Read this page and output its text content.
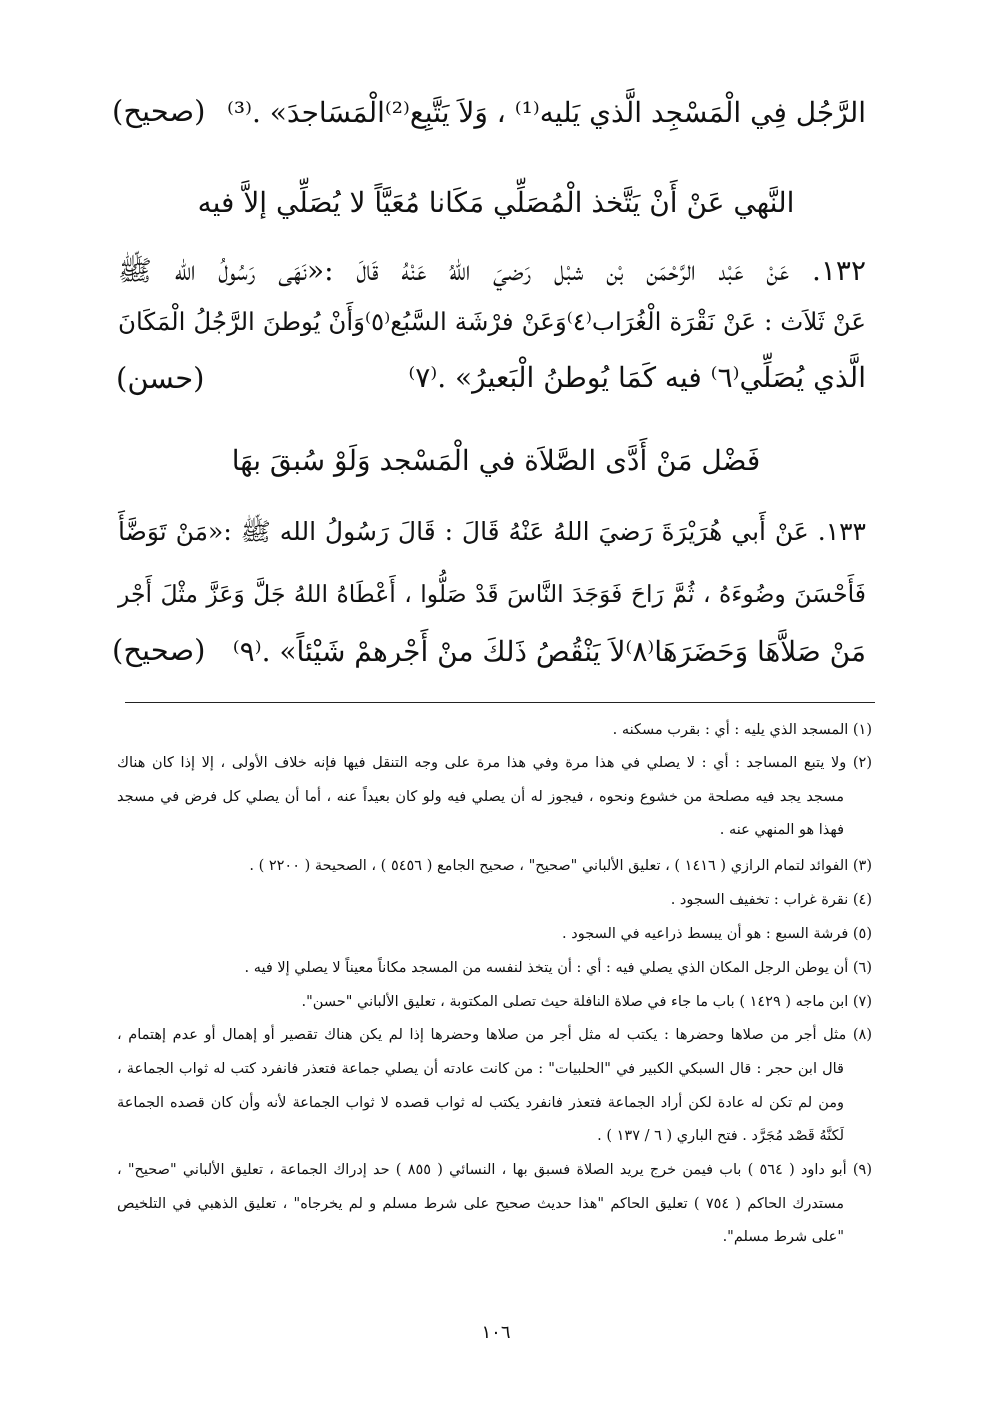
الرَّجُل فِي الْمَسْجِد الَّذي يَليه⁽¹⁾ ، وَلاَ يَتَّبِع⁽²⁾الْمَسَاجدَ» .⁽³⁾
(صحيح)
النَّهي عَنْ أَنْ يَتَّخذ الْمُصَلِّي مَكَانا مُعَيَّاً لا يُصَلِّي إلاَّ فيه
١٣٢. عَنْ عَبْد الرَّحْمَن بْن شبْل رَضيَ اللهُ عَنْهُ قَالَ :«نَهَى رَسُولُ الله ﷺ
عَنْ ثَلاَث : عَنْ نَقْرَة الْغُرَاب⁽٤⁾وَعَنْ فرْشَة السَّبُع⁽٥⁾وَأَنْ يُوطنَ الرَّجُلُ الْمَكَانَ
الَّذي يُصَلِّي⁽٦⁾ فيه كَمَا يُوطنُ الْبَعيرُ» .⁽٧⁾
(حسن)
فَضْل مَنْ أَدَّى الصَّلاَة في الْمَسْجد وَلَوْ سُبقَ بهَا
١٣٣. عَنْ أَبي هُرَيْرَةَ رَضيَ اللهُ عَنْهُ قَالَ : قَالَ رَسُولُ الله ﷺ :«مَنْ تَوَضَّأَ
فَأَحْسَنَ وضُوءَهُ ، ثُمَّ رَاحَ فَوَجَدَ النَّاسَ قَدْ صَلُّوا ، أَعْطَاهُ اللهُ جَلَّ وَعَزَّ مثْلَ أَجْر
مَنْ صَلاَّهَا وَحَضَرَهَا⁽٨⁾لاَ يَنْقُصُ ذَلكَ منْ أَجْرهمْ شَيْئاً» .⁽٩⁾
(صحيح)
(١) المسجد الذي يليه : أي : بقرب مسكنه .
(٢) ولا يتبع المساجد : أي : لا يصلي في هذا مرة وفي هذا مرة على وجه التنقل فيها فإنه خلاف الأولى ، إلا إذا كان هناك
مسجد يجد فيه مصلحة من خشوع ونحوه ، فيجوز له أن يصلي فيه ولو كان بعيداً عنه ، أما أن يصلي كل فرض في مسجد
فهذا هو المنهي عنه .
(٣) الفوائد لتمام الرازي ( ١٤١٦ ) ، تعليق الألباني "صحيح" ، صحيح الجامع ( ٥٤٥٦ ) ، الصحيحة ( ٢٢٠٠ ) .
(٤) نقرة غراب : تخفيف السجود .
(٥) فرشة السبع : هو أن يبسط ذراعيه في السجود .
(٦) أن يوطن الرجل المكان الذي يصلي فيه : أي : أن يتخذ لنفسه من المسجد مكاناً معيناً لا يصلي إلا فيه .
(٧) ابن ماجه ( ١٤٢٩ ) باب ما جاء في صلاة النافلة حيث تصلى المكتوبة ، تعليق الألباني "حسن".
(٨) مثل أجر من صلاها وحضرها : يكتب له مثل أجر من صلاها وحضرها إذا لم يكن هناك تقصير أو إهمال أو عدم إهتمام ،
قال ابن حجر : قال السبكي الكبير في "الحلبيات" : من كانت عادته أن يصلي جماعة فتعذر فانفرد كتب له ثواب الجماعة ،
ومن لم تكن له عادة لكن أراد الجماعة فتعذر فانفرد يكتب له ثواب قصده لا ثواب الجماعة لأنه وأن كان قصده الجماعة
لَكنَّهُ قَصْد مُجَرَّد . فتح الباري ( ٦ / ١٣٧ ) .
(٩) أبو داود ( ٥٦٤ ) باب فيمن خرج يريد الصلاة فسبق بها ، النسائي ( ٨٥٥ ) حد إدراك الجماعة ، تعليق الألباني "صحيح" ،
مستدرك الحاكم ( ٧٥٤ ) تعليق الحاكم "هذا حديث صحيح على شرط مسلم و لم يخرجاه" ، تعليق الذهبي في التلخيص
"على شرط مسلم".
١٠٦
